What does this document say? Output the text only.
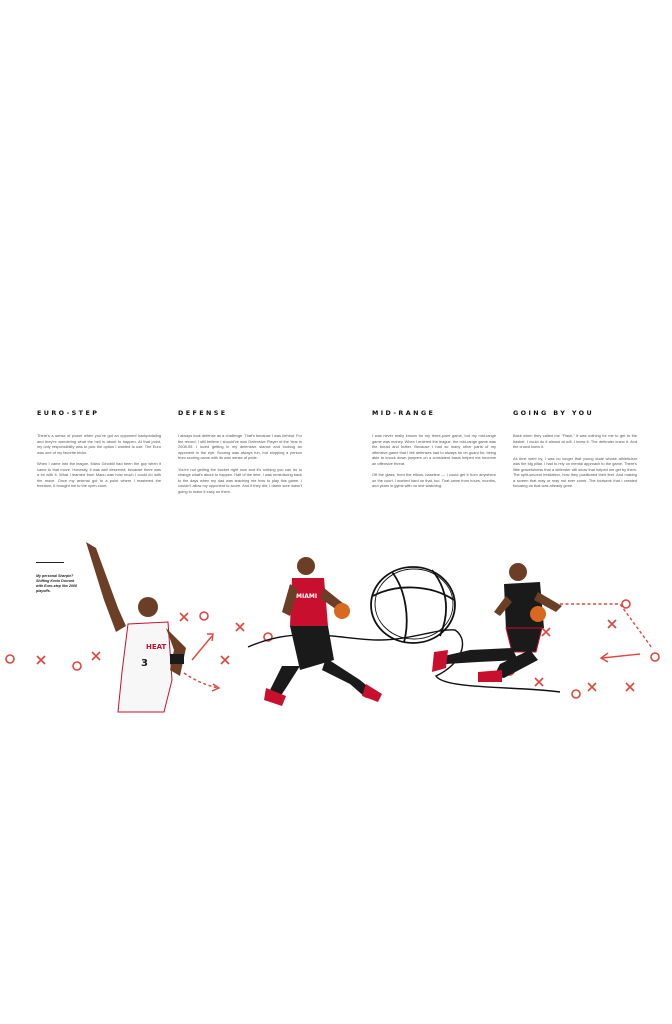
EURO-STEP	DEFENSE	MID-RANGE	GOING BY YOU

There's a sense of power when you've got an opponent backpedaling and they're wondering what the hell is about to happen. At that point, my only responsibility was to pick the option I wanted to use. The Euro was one of my favorite tricks.

When I came into the league, Manu Ginobili had been the guy when it came to that move. Honestly, it was well deserved, because there was a lot with it. What I learned from Manu was how much I could do with the move. Once my arsenal got to a point where I mastered the freedom, it brought me to the open court.

I always took defense as a challenge. That's because I was behind. For the record, I still believe I should've won Defensive Player of the Year in 2008-09. I loved getting in my defensive stance and looking an opponent in the eye. Scoring was always fun, but stopping a person from scoring came with its own sense of pride.

You're not getting the bucket right now and it's nothing you can do to change what's about to happen. Half of the time, I was reminiscing back to the days when my dad was teaching me how to play this game. I couldn't allow my opponent to score. And if they did, I damn sure wasn't going to make it easy on them.

I was never really known for my three-point game, but my mid-range game was money. When I entered the league, the mid-range game was the bread and butter. Because I had so many other parts of my offensive game that I felt defenses had to always be on guard for, being able to knock down jumpers on a consistent basis helped me become an offensive threat.

Off the glass, from the elbow, baseline — I could get it from anywhere on the court. I worked hard on that, too. That came from hours, months, and years in gyms with no one watching.

Back when they called me "Flash," it was nothing for me to get to the basket. I could do it almost at will. I knew it. The defender knew it. And the crowd knew it.

As time went by, I was no longer that young dude whose athleticism was the big pillar. I had to rely on mental approach to the game. There's little gracefulness that a defender will show that helped me get by them. The split-second hesitation, how they positioned their feet. And making a screen that may or may not ever come. The footwork that I created focusing on that was already gone.

My personal Sharpie? Shifting Kevin Durrant with Euro-step like 2008 playoffs.
HEAT
3
MIAMI
